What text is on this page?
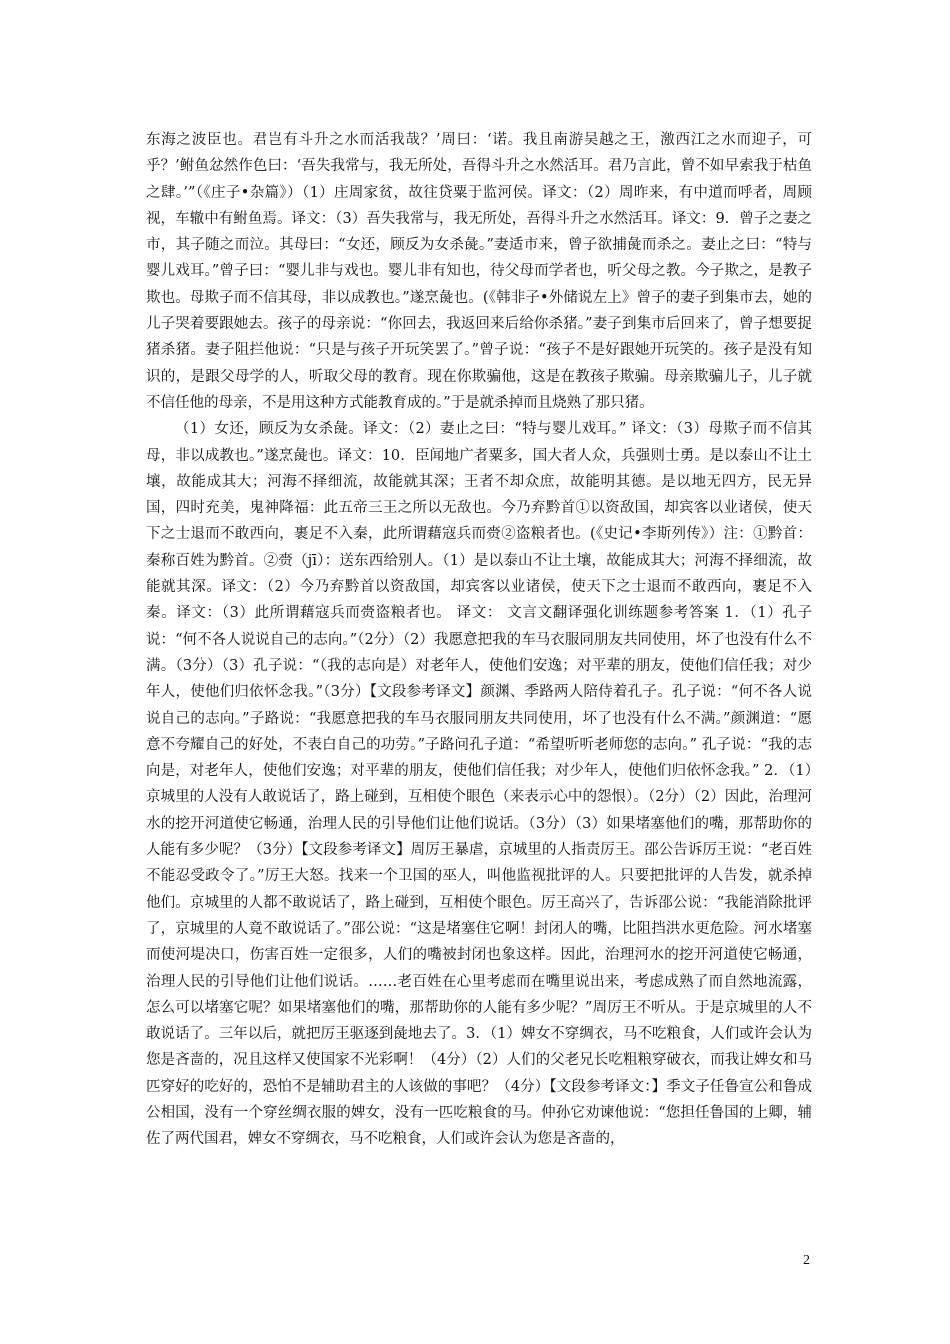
东海之波臣也。君岂有斗升之水而活我哉？’周曰：‘诺。我且南游吴越之王，激西江之水而迎子，可乎？’鲋鱼忿然作色曰：‘吾失我常与，我无所处，吾得斗升之水然活耳。君乃言此，曾不如早索我于枯鱼之肆。’”（《庄子•杂篇》）（1）庄周家贫，故往贷粟于监河侯。译文：（2）周昨来，有中道而呼者，周顾视，车辙中有鲋鱼焉。译文：（3）吾失我常与，我无所处，吾得斗升之水然活耳。译文：9．曾子之妻之市，其子随之而泣。其母曰：“女还，顾反为女杀彘。”妻适市来，曾子欲捕彘而杀之。妻止之曰：“特与婴儿戏耳。”曾子曰：“婴儿非与戏也。婴儿非有知也，待父母而学者也，听父母之教。今子欺之，是教子欺也。母欺子而不信其母，非以成教也。”遂烹彘也。(《韩非子•外储说左上》曾子的妻子到集市去，她的儿子哭着要跟她去。孩子的母亲说：“你回去，我返回来后给你杀猪。”妻子到集市后回来了，曾子想要捉猪杀猪。妻子阻拦他说：“只是与孩子开玩笑罢了。”曾子说：“孩子不是好跟她开玩笑的。孩子是没有知识的，是跟父母学的人，听取父母的教育。现在你欺骗他，这是在教孩子欺骗。母亲欺骗儿子，儿子就不信任他的母亲，不是用这种方式能教育成的。”于是就杀掉而且烧熟了那只猪。

（1）女还，顾反为女杀彘。译文：（2）妻止之曰：“特与婴儿戏耳。” 译文：（3）母欺子而不信其母，非以成教也。”遂烹彘也。译文：10．臣闻地广者粟多，国大者人众，兵强则士勇。是以泰山不让土壤，故能成其大；河海不择细流，故能就其深；王者不却众庶，故能明其德。是以地无四方，民无异国，四时充美，鬼神降福：此五帝三王之所以无敌也。今乃弃黔首①以资敌国，却宾客以业诸侯，使天下之士退而不敢西向，裹足不入秦，此所谓藉寇兵而赍②盗粮者也。(《史记•李斯列传》）注：①黔首：秦称百姓为黔首。②赍（jī）：送东西给别人。（1）是以泰山不让土壤，故能成其大；河海不择细流，故能就其深。译文：（2）今乃弃黔首以资敌国，却宾客以业诸侯，使天下之士退而不敢西向，裹足不入秦。译文：（3）此所谓藉寇兵而赍盗粮者也。 译文： 文言文翻译强化训练题参考答案 1．（1）孔子说：“何不各人说说自己的志向。”（2分）（2）我愿意把我的车马衣服同朋友共同使用，坏了也没有什么不满。（3分）（3）孔子说：“（我的志向是）对老年人，使他们安逸；对平辈的朋友，使他们信任我；对少年人，使他们归依怀念我。”（3分）【文段参考译文】颜渊、季路两人陪侍着孔子。孔子说：“何不各人说说自己的志向。”子路说：“我愿意把我的车马衣服同朋友共同使用，坏了也没有什么不满。”颜渊道：“愿意不夸耀自己的好处，不表白自己的功劳。”子路问孔子道：“希望听听老师您的志向。” 孔子说：“我的志向是，对老年人，使他们安逸；对平辈的朋友，使他们信任我；对少年人，使他们归依怀念我。” 2．（1）京城里的人没有人敢说话了，路上碰到，互相使个眼色（来表示心中的怨恨）。（2分）（2）因此，治理河水的挖开河道使它畅通，治理人民的引导他们让他们说话。（3分）（3）如果堵塞他们的嘴，那帮助你的人能有多少呢？（3分）【文段参考译文】周厉王暴虐，京城里的人指责厉王。邵公告诉厉王说：“老百姓不能忍受政令了。”厉王大怒。找来一个卫国的巫人，叫他监视批评的人。只要把批评的人告发，就杀掉他们。京城里的人都不敢说话了，路上碰到，互相使个眼色。厉王高兴了，告诉邵公说：“我能消除批评了，京城里的人竟不敢说话了。”邵公说：“这是堵塞住它啊！封闭人的嘴，比阻挡洪水更危险。河水堵塞而使河堤决口，伤害百姓一定很多，人们的嘴被封闭也象这样。因此，治理河水的挖开河道使它畅通，治理人民的引导他们让他们说话。……老百姓在心里考虑而在嘴里说出来，考虑成熟了而自然地流露，怎么可以堵塞它呢？如果堵塞他们的嘴，那帮助你的人能有多少呢？”周厉王不听从。于是京城里的人不敢说话了。三年以后，就把厉王驱逐到彘地去了。3．（1）婢女不穿绸衣，马不吃粮食，人们或许会认为您是吝啬的，况且这样又使国家不光彩啊！（4分）（2）人们的父老兄长吃粗粮穿破衣，而我让婢女和马匹穿好的吃好的，恐怕不是辅助君主的人该做的事吧？（4分）【文段参考译文：】季文子任鲁宣公和鲁成公相国，没有一个穿丝绸衣服的婢女，没有一匹吃粮食的马。仲孙它劝谏他说：“您担任鲁国的上卿，辅佐了两代国君，婢女不穿绸衣，马不吃粮食，人们或许会认为您是吝啬的，

2
